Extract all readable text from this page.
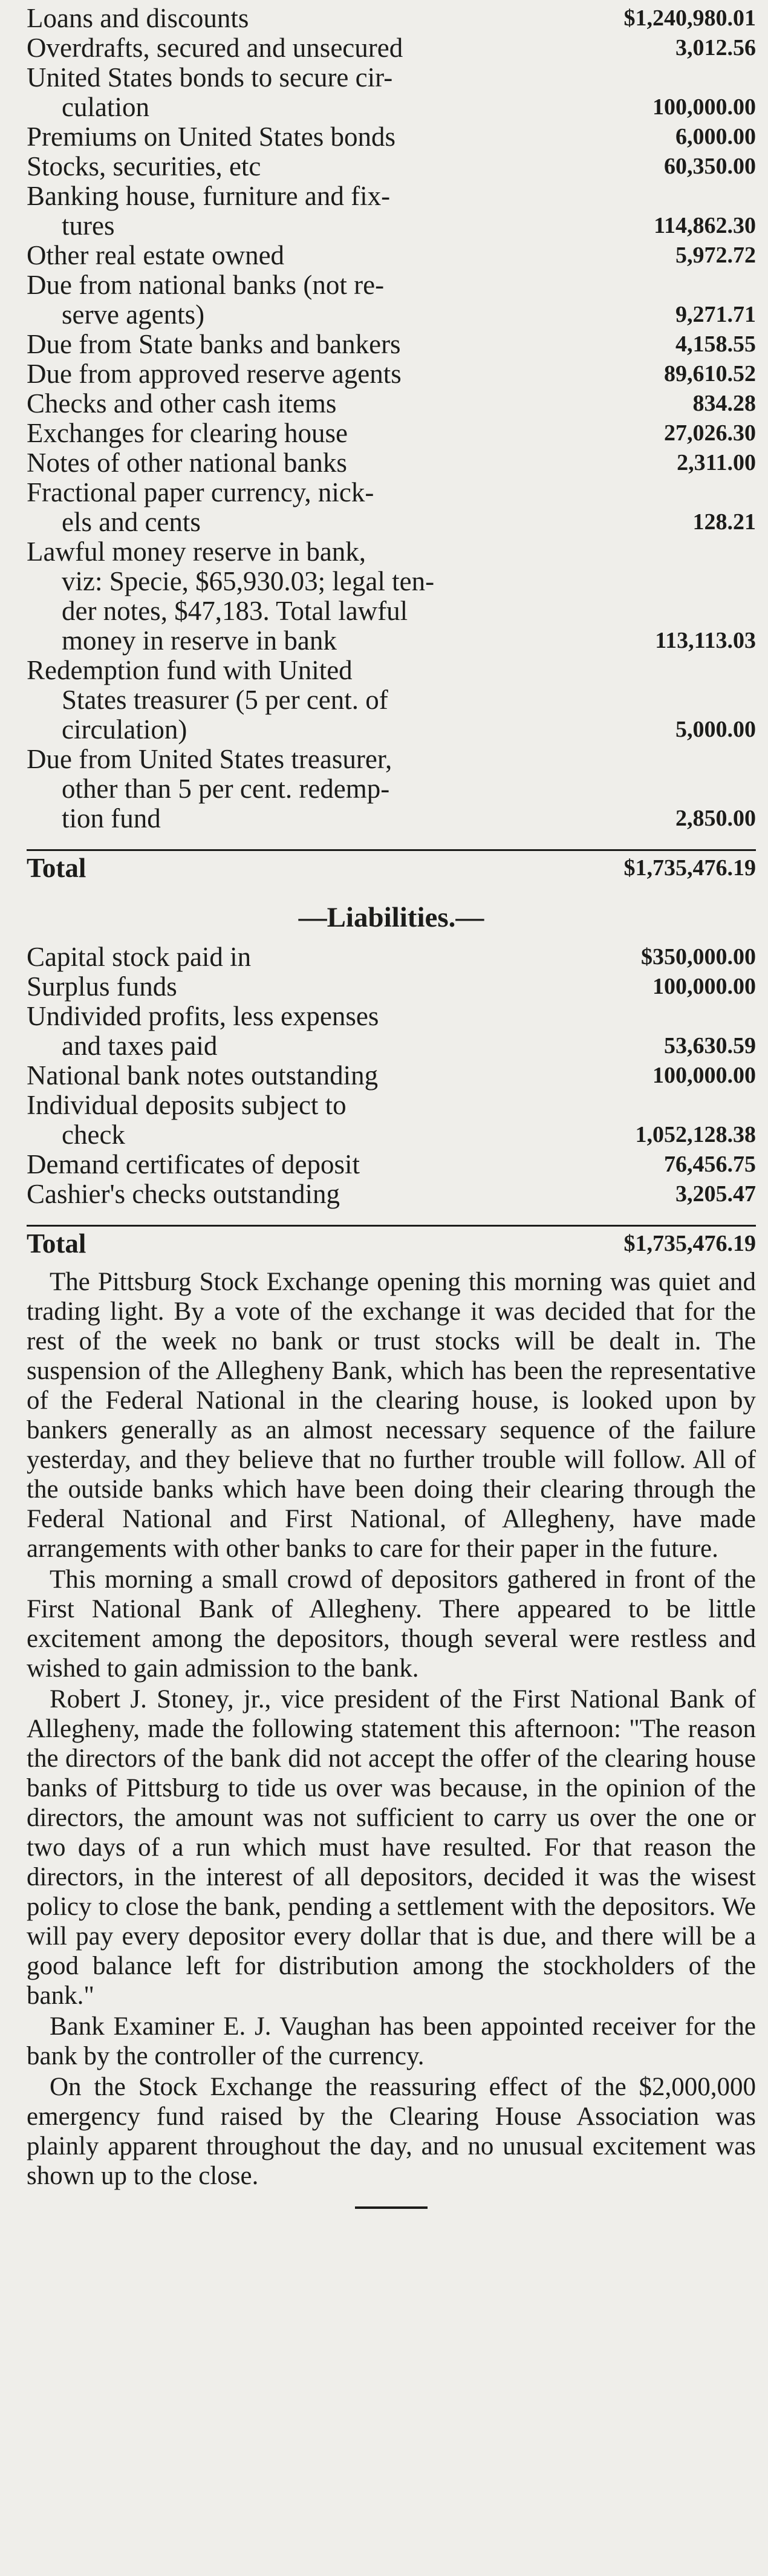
Loans and discounts	$1,240,980.01
Overdrafts, secured and unsecured	3,012.56
United States bonds to secure cir-
culation	100,000.00
Premiums on United States bonds	6,000.00
Stocks, securities, etc	60,350.00
Banking house, furniture and fix-
tures	114,862.30
Other real estate owned	5,972.72
Due from national banks (not re-
serve agents)	9,271.71
Due from State banks and bankers	4,158.55
Due from approved reserve agents	89,610.52
Checks and other cash items	834.28
Exchanges for clearing house	27,026.30
Notes of other national banks	2,311.00
Fractional paper currency, nick-
els and cents	128.21
Lawful money reserve in bank,
viz: Specie, $65,930.03; legal ten-
der notes, $47,183. Total lawful
money in reserve in bank	113,113.03
Redemption fund with United
States treasurer (5 per cent. of
circulation)	5,000.00
Due from United States treasurer,
other than 5 per cent. redemp-
tion fund	2,850.00
Total	$1,735,476.19
—Liabilities.—
Capital stock paid in	$350,000.00
Surplus funds	100,000.00
Undivided profits, less expenses
and taxes paid	53,630.59
National bank notes outstanding	100,000.00
Individual deposits subject to
check	1,052,128.38
Demand certificates of deposit	76,456.75
Cashier's checks outstanding	3,205.47
Total	$1,735,476.19

The Pittsburg Stock Exchange opening this morning was quiet and trading light. By a vote of the exchange it was decided that for the rest of the week no bank or trust stocks will be dealt in. The suspension of the Allegheny Bank, which has been the representative of the Federal National in the clearing house, is looked upon by bankers generally as an almost necessary sequence of the failure yesterday, and they believe that no further trouble will follow. All of the outside banks which have been doing their clearing through the Federal National and First National, of Allegheny, have made arrangements with other banks to care for their paper in the future.

This morning a small crowd of depositors gathered in front of the First National Bank of Allegheny. There appeared to be little excitement among the depositors, though several were restless and wished to gain admission to the bank.

Robert J. Stoney, jr., vice president of the First National Bank of Allegheny, made the following statement this afternoon: "The reason the directors of the bank did not accept the offer of the clearing house banks of Pittsburg to tide us over was because, in the opinion of the directors, the amount was not sufficient to carry us over the one or two days of a run which must have resulted. For that reason the directors, in the interest of all depositors, decided it was the wisest policy to close the bank, pending a settlement with the depositors. We will pay every depositor every dollar that is due, and there will be a good balance left for distribution among the stockholders of the bank."

Bank Examiner E. J. Vaughan has been appointed receiver for the bank by the controller of the currency.

On the Stock Exchange the reassuring effect of the $2,000,000 emergency fund raised by the Clearing House Association was plainly apparent throughout the day, and no unusual excitement was shown up to the close.
